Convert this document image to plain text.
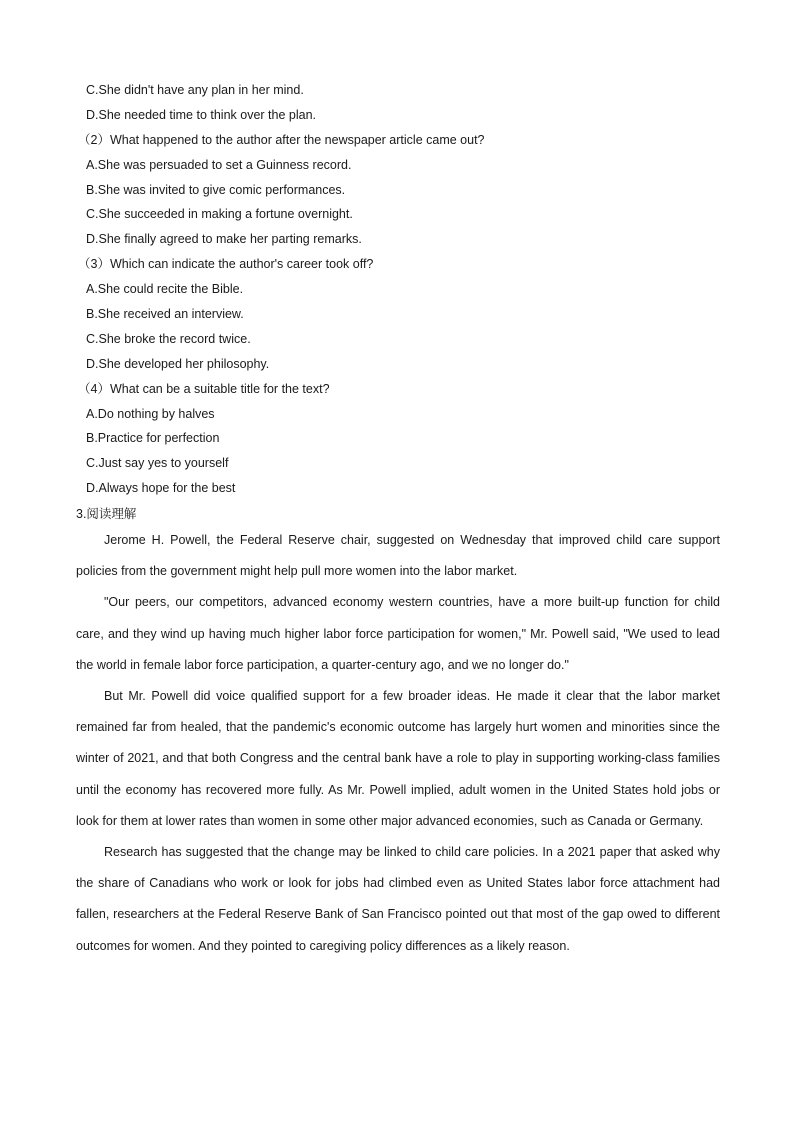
C.She didn't have any plan in her mind.
D.She needed time to think over the plan.
（2）What happened to the author after the newspaper article came out?
A.She was persuaded to set a Guinness record.
B.She was invited to give comic performances.
C.She succeeded in making a fortune overnight.
D.She finally agreed to make her parting remarks.
（3）Which can indicate the author's career took off?
A.She could recite the Bible.
B.She received an interview.
C.She broke the record twice.
D.She developed her philosophy.
（4）What can be a suitable title for the text?
A.Do nothing by halves
B.Practice for perfection
C.Just say yes to yourself
D.Always hope for the best
3.阅读理解

Jerome H. Powell, the Federal Reserve chair, suggested on Wednesday that improved child care support policies from the government might help pull more women into the labor market.

"Our peers, our competitors, advanced economy western countries, have a more built-up function for child care, and they wind up having much higher labor force participation for women," Mr. Powell said, "We used to lead the world in female labor force participation, a quarter-century ago, and we no longer do."

But Mr. Powell did voice qualified support for a few broader ideas. He made it clear that the labor market remained far from healed, that the pandemic's economic outcome has largely hurt women and minorities since the winter of 2021, and that both Congress and the central bank have a role to play in supporting working-class families until the economy has recovered more fully. As Mr. Powell implied, adult women in the United States hold jobs or look for them at lower rates than women in some other major advanced economies, such as Canada or Germany.

Research has suggested that the change may be linked to child care policies. In a 2021 paper that asked why the share of Canadians who work or look for jobs had climbed even as United States labor force attachment had fallen, researchers at the Federal Reserve Bank of San Francisco pointed out that most of the gap owed to different outcomes for women. And they pointed to caregiving policy differences as a likely reason.
